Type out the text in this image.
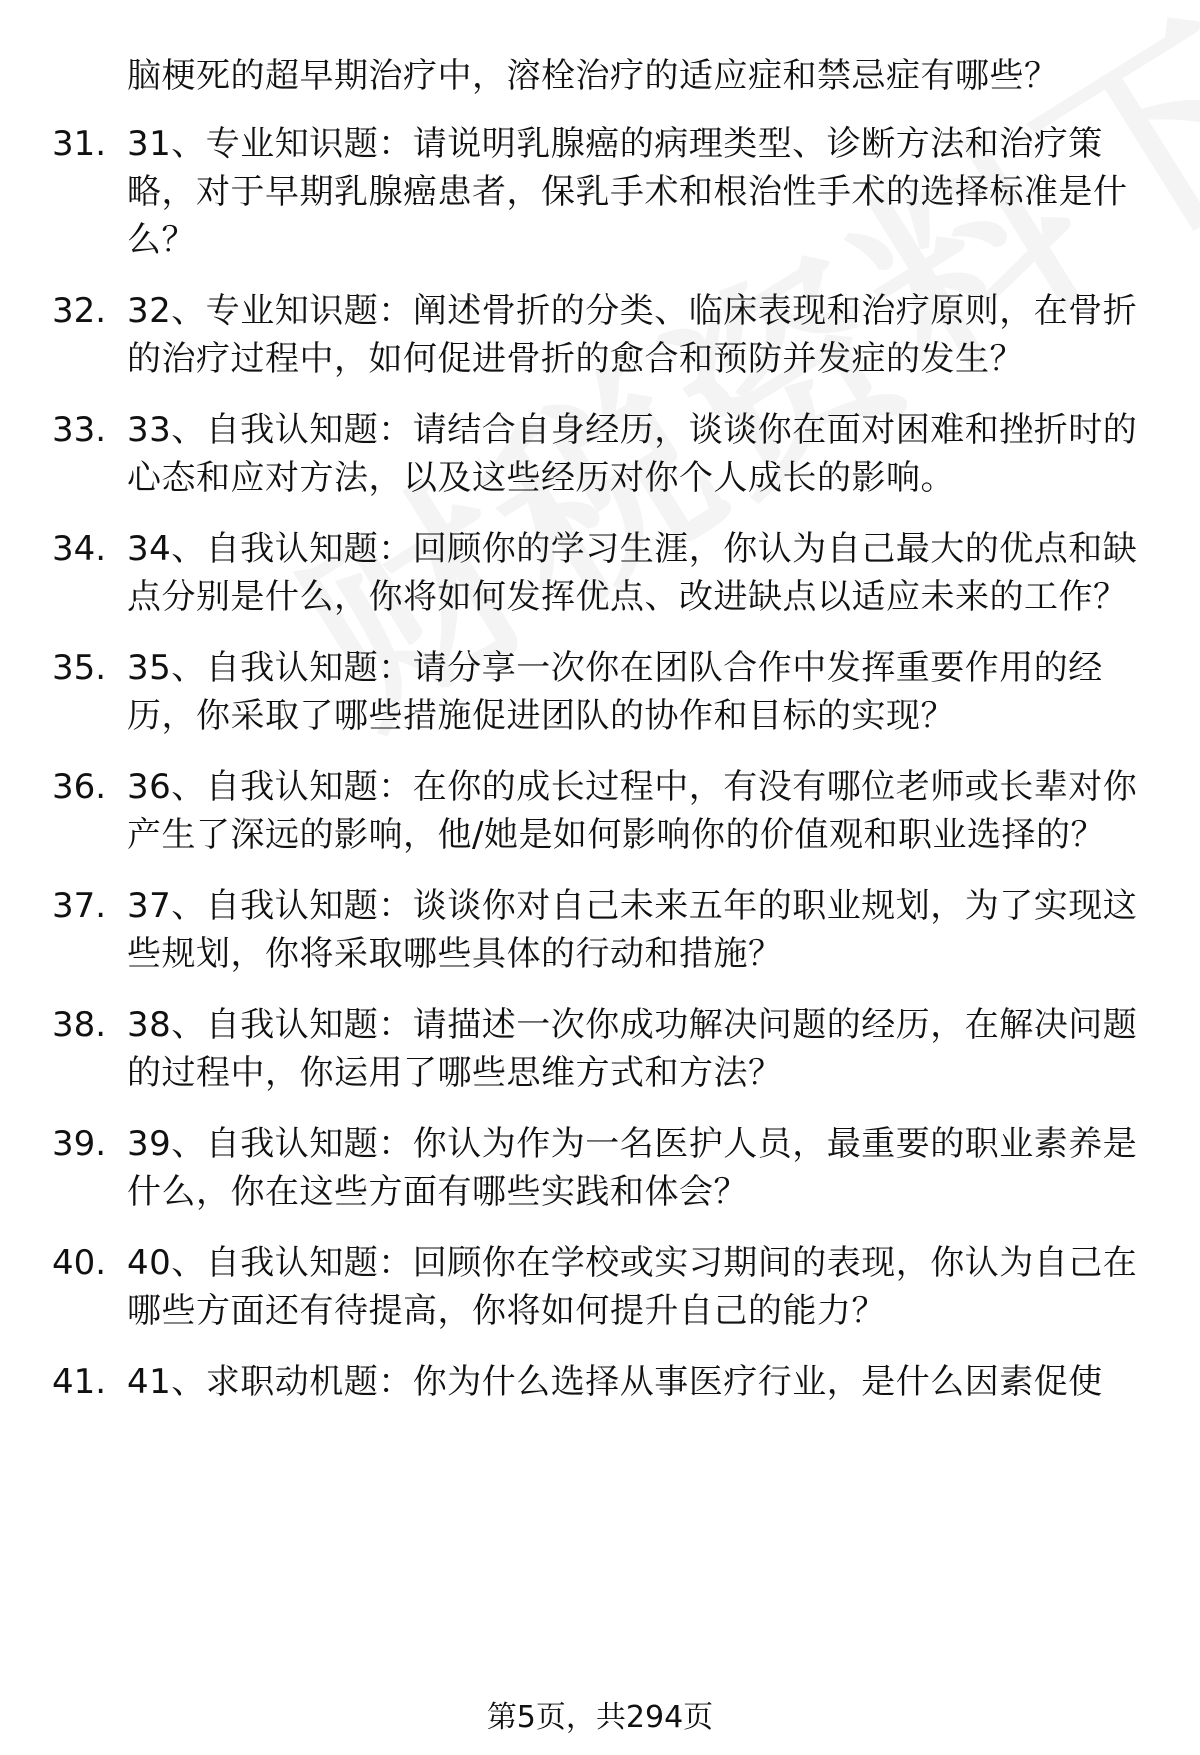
脑梗死的超早期治疗中，溶栓治疗的适应症和禁忌症有哪些？
31. 31、专业知识题：请说明乳腺癌的病理类型、诊断方法和治疗策略，对于早期乳腺癌患者，保乳手术和根治性手术的选择标准是什么？
32. 32、专业知识题：阐述骨折的分类、临床表现和治疗原则，在骨折的治疗过程中，如何促进骨折的愈合和预防并发症的发生？
33. 33、自我认知题：请结合自身经历，谈谈你在面对困难和挫折时的心态和应对方法，以及这些经历对你个人成长的影响。
34. 34、自我认知题：回顾你的学习生涯，你认为自己最大的优点和缺点分别是什么，你将如何发挥优点、改进缺点以适应未来的工作？
35. 35、自我认知题：请分享一次你在团队合作中发挥重要作用的经历，你采取了哪些措施促进团队的协作和目标的实现？
36. 36、自我认知题：在你的成长过程中，有没有哪位老师或长辈对你产生了深远的影响，他/她是如何影响你的价值观和职业选择的？
37. 37、自我认知题：谈谈你对自己未来五年的职业规划，为了实现这些规划，你将采取哪些具体的行动和措施？
38. 38、自我认知题：请描述一次你成功解决问题的经历，在解决问题的过程中，你运用了哪些思维方式和方法？
39. 39、自我认知题：你认为作为一名医护人员，最重要的职业素养是什么，你在这些方面有哪些实践和体会？
40. 40、自我认知题：回顾你在学校或实习期间的表现，你认为自己在哪些方面还有待提高，你将如何提升自己的能力？
41. 41、求职动机题：你为什么选择从事医疗行业，是什么因素促使
第5页，共294页
